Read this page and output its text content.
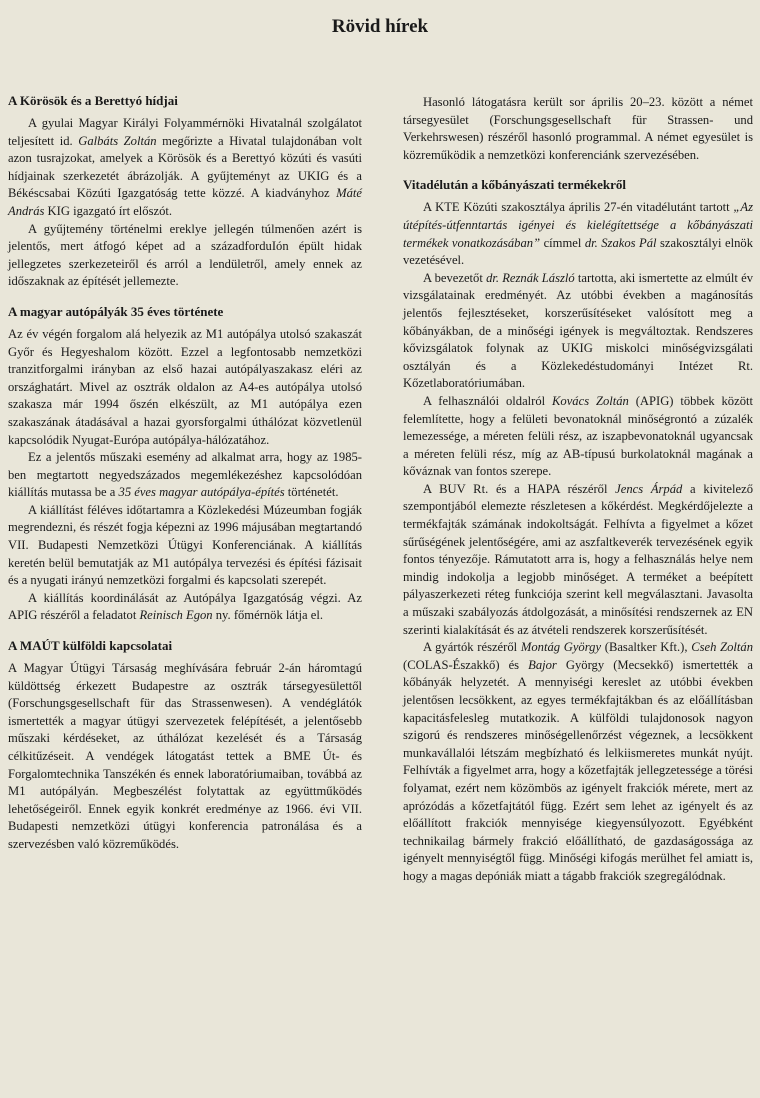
Rövid hírek
A Körösök és a Berettyó hídjai

A gyulai Magyar Királyi Folyammérnöki Hivatalnál szolgálatot teljesített id. Galbáts Zoltán megőrizte a Hivatal tulajdonában volt azon tusrajzokat, amelyek a Körösök és a Berettyó közúti és vasúti hídjainak szerkezetét ábrázolják. A gyűjteményt az UKIG és a Békéscsabai Közúti Igazgatóság tette közzé. A kiadványhoz Máté András KIG igazgató írt előszót.

A gyűjtemény történelmi ereklye jellegén túlmenően azért is jelentős, mert átfogó képet ad a századforduIón épült hidak jellegzetes szerkezeteiről és arról a lendületről, amely ennek az időszaknak az építését jellemezte.

A magyar autópályák 35 éves története

Az év végén forgalom alá helyezik az M1 autópálya utolsó szakaszát Győr és Hegyeshalom között. Ezzel a legfontosabb nemzetközi tranzitforgalmi irányban az első hazai autópályaszakasz eléri az országhatárt. Mivel az osztrák oldalon az A4-es autópálya utolsó szakasza már 1994 őszén elkészült, az M1 autópálya ezen szakaszának átadásával a hazai gyorsforgalmi úthálózat közvetlenül kapcsolódik Nyugat-Európa autópálya-hálózatához.

Ez a jelentős műszaki esemény ad alkalmat arra, hogy az 1985-ben megtartott negyedszázados megemlékezéshez kapcsolódóan kiállítás mutassa be a 35 éves magyar autópálya-építés történetét.

A kiállítást féléves időtartamra a Közlekedési Múzeumban fogják megrendezni, és részét fogja képezni az 1996 májusában megtartandó VII. Budapesti Nemzetközi Útügyi Konferenciának. A kiállítás keretén belül bemutatják az M1 autópálya tervezési és építési fázisait és a nyugati irányú nemzetközi forgalmi és kapcsolati szerepét.

A kiállítás koordinálását az Autópálya Igazgatóság végzi. Az APIG részéről a feladatot Reinisch Egon ny. főmérnök látja el.

A MAÚT külföldi kapcsolatai

A Magyar Útügyi Társaság meghívására február 2-án háromtagú küldöttség érkezett Budapestre az osztrák társegyesülettől (Forschungsgesellschaft für das Strassenwesen). A vendéglátók ismertették a magyar útügyi szervezetek felépítését, a jelentősebb műszaki kérdéseket, az úthálózat kezelését és a Társaság célkitűzéseit. A vendégek látogatást tettek a BME Út- és Forgalomtechnika Tanszékén és ennek laboratóriumaiban, továbbá az M1 autópályán. Megbeszélést folytattak az együttműködés lehetőségeiről. Ennek egyik konkrét eredménye az 1966. évi VII. Budapesti nemzetközi útügyi konferencia patronálása és a szervezésben való közreműködés.

Hasonló látogatásra került sor április 20–23. között a német társegyesület (Forschungsgesellschaft für Strassen- und Verkehrswesen) részéről hasonló programmal. A német egyesület is közreműködik a nemzetközi konferenciánk szervezésében.

Vitadélután a kőbányászati termékekről

A KTE Közúti szakosztálya április 27-én vitadélutánt tartott „Az útépítés-útfenntartás igényei és kielégítettsége a kőbányászati termékek vonatkozásában” címmel dr. Szakos Pál szakosztályi elnök vezetésével.

A bevezetőt dr. Reznák László tartotta, aki ismertette az elmúlt év vizsgálatainak eredményét. Az utóbbi években a magánosítás jelentős fejlesztéseket, korszerűsítéseket valósított meg a kőbányákban, de a minőségi igények is megváltoztak. Rendszeres kővizsgálatok folynak az UKIG miskolci minőségvizsgálati osztályán és a Közlekedéstudományi Intézet Rt. Kőzetlaboratóriumában.

A felhasználói oldalról Kovács Zoltán (APIG) többek között felemlítette, hogy a felületi bevonatoknál minőségrontó a zúzalék lemezessége, a méreten felüli rész, az iszapbevonatoknál ugyancsak a méreten felüli rész, míg az AB-típusú burkolatoknál magának a kőváznak van fontos szerepe.

A BUV Rt. és a HAPA részéről Jencs Árpád a kivitelező szempontjából elemezte részletesen a kőkérdést. Megkérdőjelezte a termékfajták számának indokoltságát. Felhívta a figyelmet a kőzet sűrűségének jelentőségére, ami az aszfaltkeverék tervezésének egyik fontos tényezője. Rámutatott arra is, hogy a felhasználás helye nem mindig indokolja a legjobb minőséget. A terméket a beépített pályaszerkezeti réteg funkciója szerint kell megválasztani. Javasolta a műszaki szabályozás átdolgozását, a minősítési rendszernek az EN szerinti kialakítását és az átvételi rendszerek korszerűsítését.

A gyártók részéről Montág György (Basaltker Kft.), Cseh Zoltán (COLAS-Északkő) és Bajor György (Mecsekkő) ismertették a kőbányák helyzetét. A mennyiségi kereslet az utóbbi években jelentősen lecsökkent, az egyes termékfajtákban és az előállításban kapacitásfelesleg mutatkozik. A külföldi tulajdonosok nagyon szigorú és rendszeres minőségellenőrzést végeznek, a lecsökkent munkavállalói létszám megbízható és lelkiismeretes munkát nyújt. Felhívták a figyelmet arra, hogy a kőzetfajták jellegzetessége a törési folyamat, ezért nem közömbös az igényelt frakciók mérete, mert az aprózódás a kőzetfajtától függ. Ezért sem lehet az igényelt és az előállított frakciók mennyisége kiegyensúlyozott. Egyébként technikailag bármely frakció előállítható, de gazdaságossága az igényelt mennyiségtől függ. Minőségi kifogás merülhet fel amiatt is, hogy a magas depóniák miatt a tágabb frakciók szegregálódnak.
